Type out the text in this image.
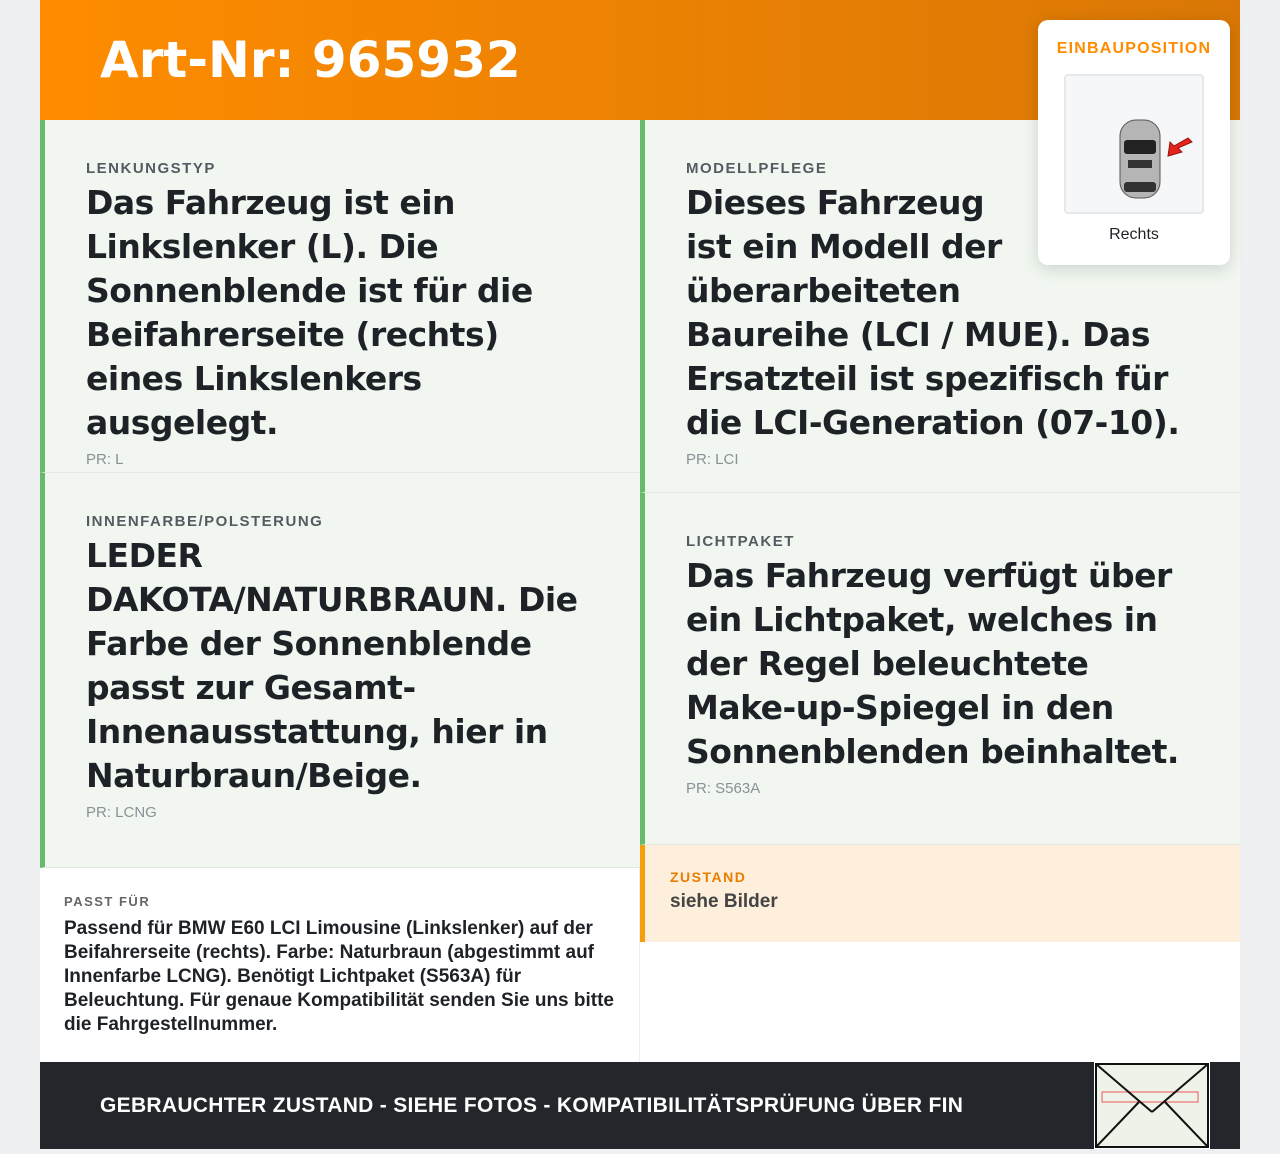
Art-Nr: 965932
LENKUNGSTYP
Das Fahrzeug ist ein Linkslenker (L). Die Sonnenblende ist für die Beifahrerseite (rechts) eines Linkslenkers ausgelegt.
PR: L
INNENFARBE/POLSTERUNG
LEDER DAKOTA/NATURBRAUN. Die Farbe der Sonnenblende passt zur Gesamt-Innenausstattung, hier in Naturbraun/Beige.
PR: LCNG
PASST FÜR

Passend für BMW E60 LCI Limousine (Linkslenker) auf der Beifahrerseite (rechts). Farbe: Naturbraun (abgestimmt auf Innenfarbe LCNG). Benötigt Lichtpaket (S563A) für Beleuchtung. Für genaue Kompatibilität senden Sie uns bitte die Fahrgestellnummer.

MODELLPFLEGE
Dieses Fahrzeug ist ein Modell der überarbeiteten Baureihe (LCI / MUE). Das Ersatzteil ist spezifisch für die LCI-Generation (07-10).
PR: LCI
LICHTPAKET
Das Fahrzeug verfügt über ein Lichtpaket, welches in der Regel beleuchtete Make-up-Spiegel in den Sonnenblenden beinhaltet.
PR: S563A
ZUSTAND
siehe Bilder
GEBRAUCHTER ZUSTAND - SIEHE FOTOS - KOMPATIBILITÄTSPRÜFUNG ÜBER FIN
EINBAUPOSITION
Rechts
